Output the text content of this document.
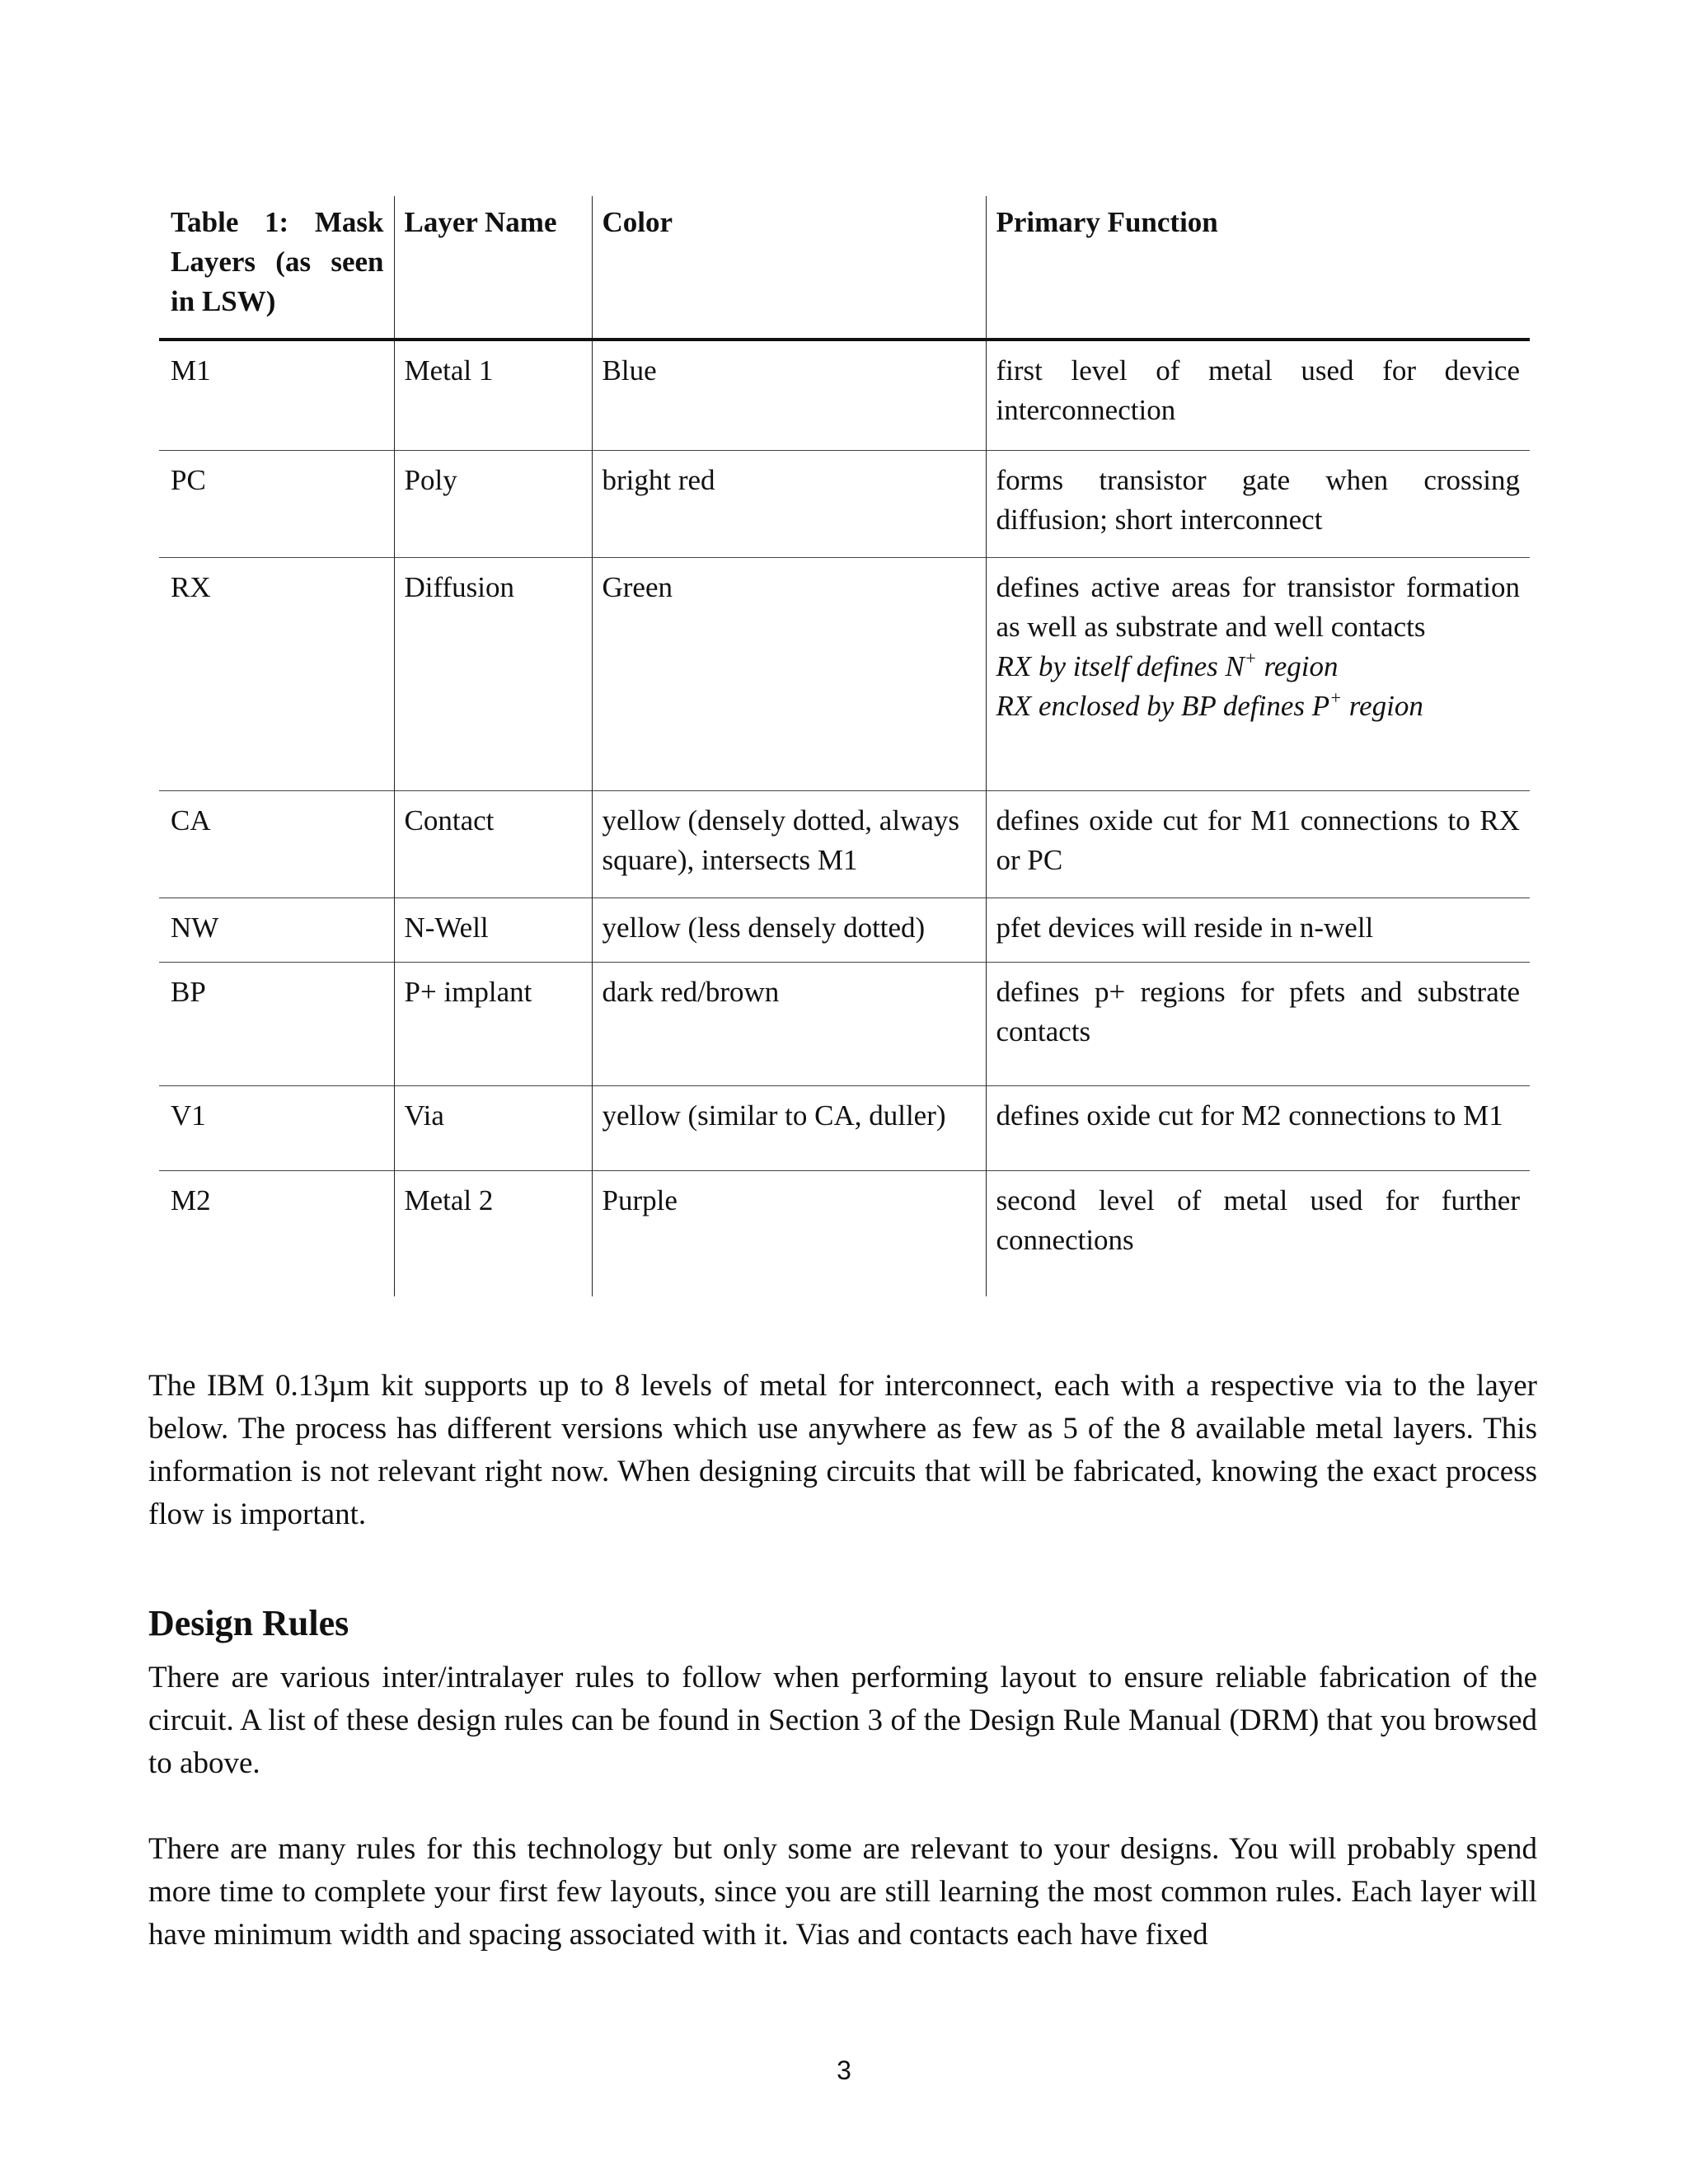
Table 1: Mask Layers (as seen in LSW)	Layer Name	Color	Primary Function
M1	Metal 1	Blue	first level of metal used for device interconnection
PC	Poly	bright red	forms transistor gate when crossing diffusion; short interconnect
RX	Diffusion	Green	defines active areas for transistor formation as well as substrate and well contacts
RX by itself defines N+ region
RX enclosed by BP defines P+ region

CA	Contact	yellow (densely dotted, always square), intersects M1	defines oxide cut for M1 connections to RX or PC
NW	N-Well	yellow (less densely dotted)	pfet devices will reside in n-well
BP	P+ implant	dark red/brown	defines p+ regions for pfets and substrate contacts
V1	Via	yellow (similar to CA, duller)	defines oxide cut for M2 connections to M1
M2	Metal 2	Purple	second level of metal used for further connections

The IBM 0.13µm kit supports up to 8 levels of metal for interconnect, each with a respective via to the layer below. The process has different versions which use anywhere as few as 5 of the 8 available metal layers. This information is not relevant right now. When designing circuits that will be fabricated, knowing the exact process flow is important.

Design Rules

There are various inter/intralayer rules to follow when performing layout to ensure reliable fabrication of the circuit. A list of these design rules can be found in Section 3 of the Design Rule Manual (DRM) that you browsed to above.

There are many rules for this technology but only some are relevant to your designs. You will probably spend more time to complete your first few layouts, since you are still learning the most common rules. Each layer will have minimum width and spacing associated with it. Vias and contacts each have fixed

3
